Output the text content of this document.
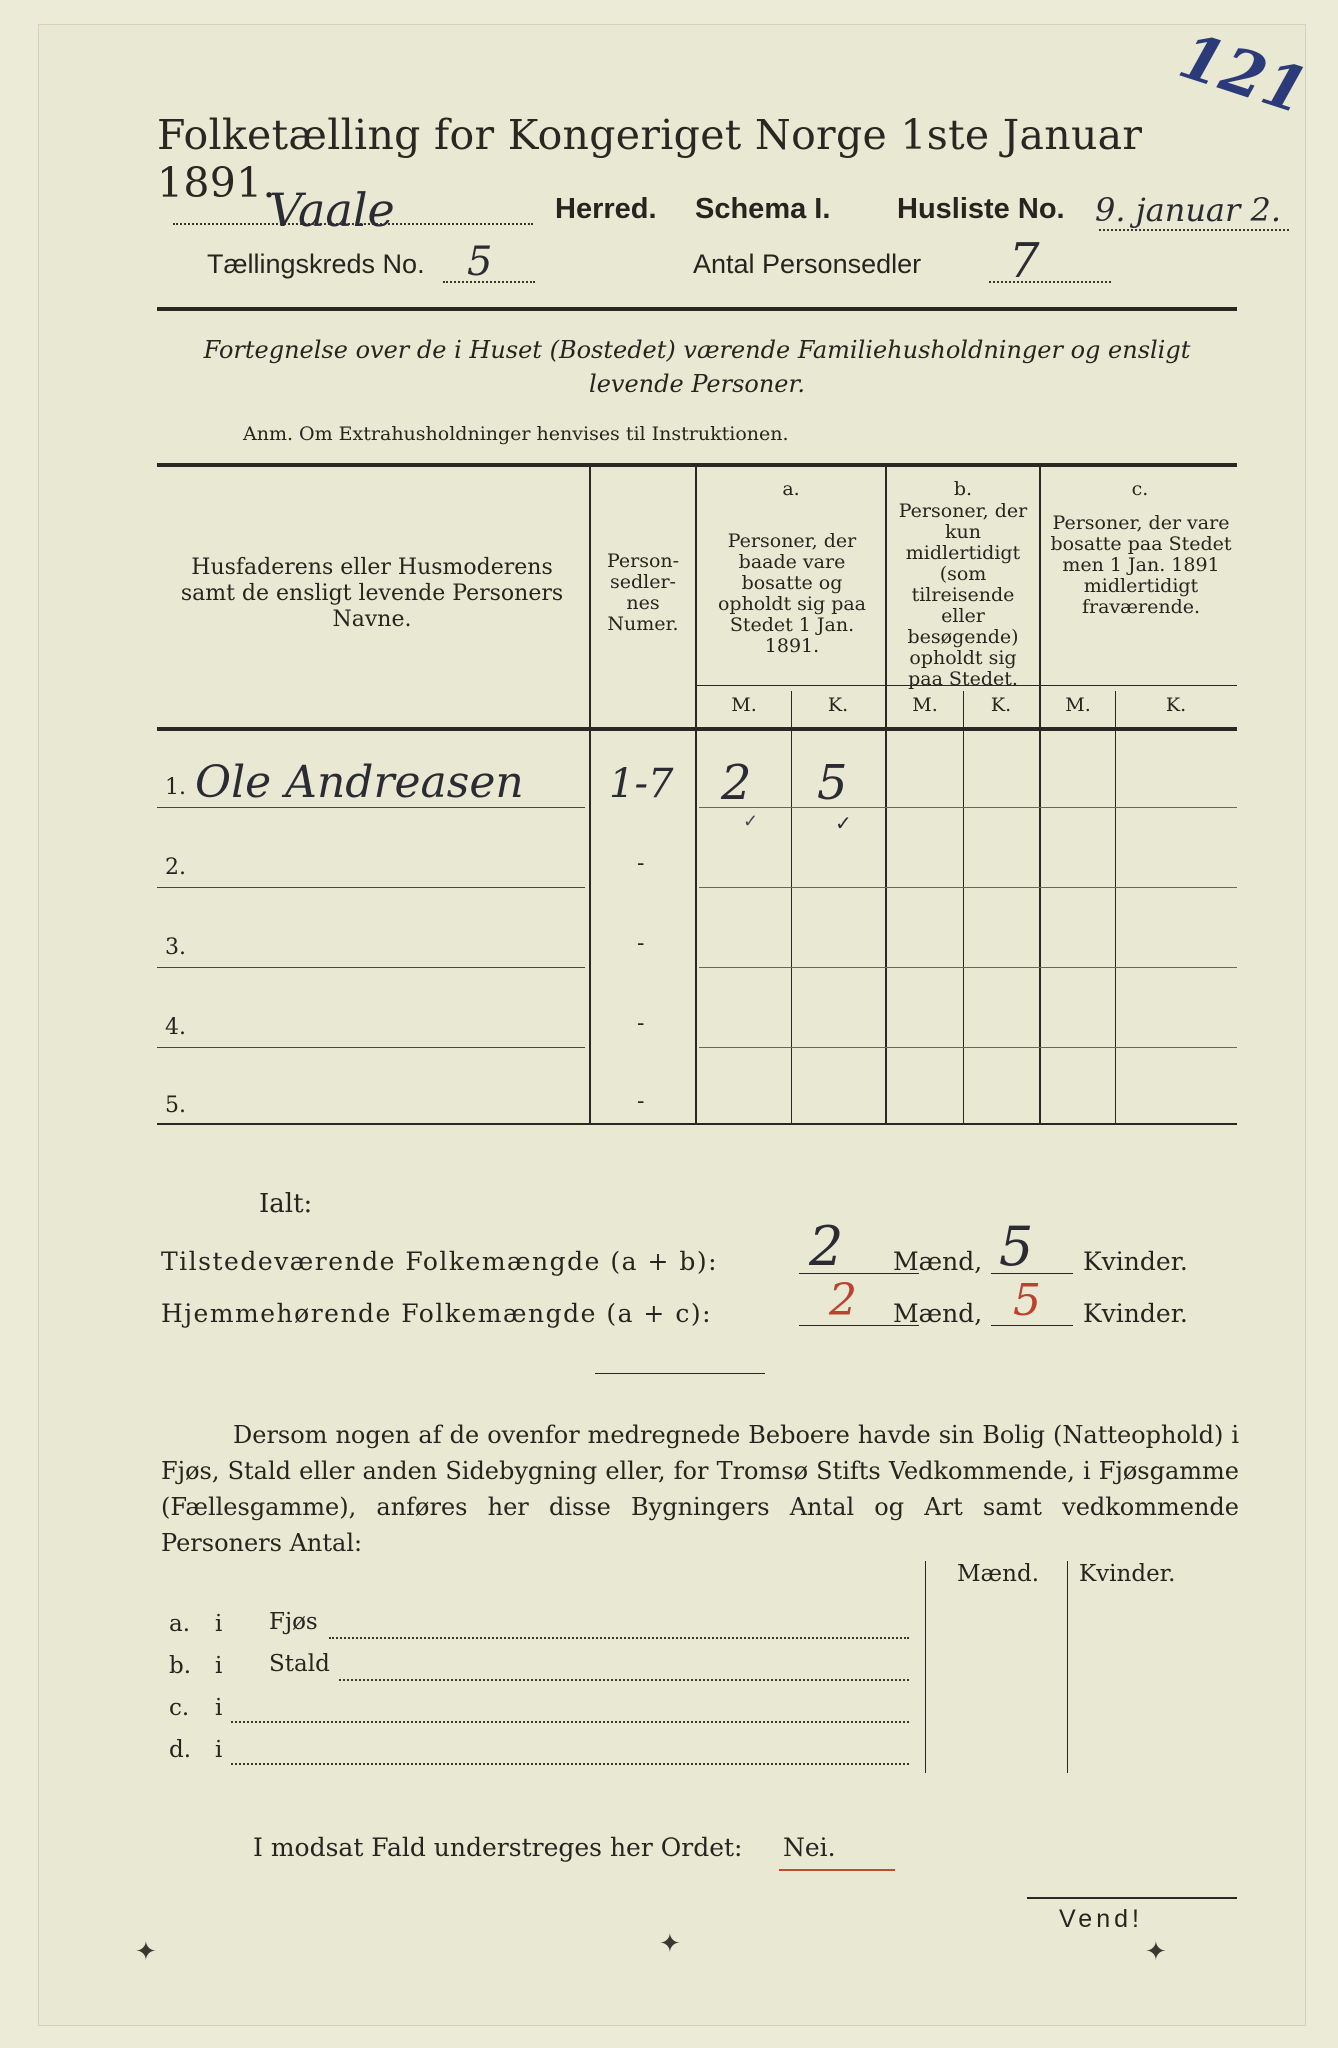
121
Folketælling for Kongeriget Norge 1ste Januar 1891.
Vaale	Herred. Schema I. Husliste No. 9. januar 2.
Tællingskreds No. 5	Antal Personsedler 7
Fortegnelse over de i Huset (Bostedet) værende Familiehusholdninger og ensligt levende Personer.
Anm. Om Extrahusholdninger henvises til Instruktionen.
Husfaderens eller Husmoderens samt de ensligt levende Personers Navne.
Person-sedler-nes Numer.
a.
Personer, der baade vare bosatte og opholdt sig paa Stedet 1 Jan. 1891.
b.
Personer, der kun midlertidigt (som tilreisende eller besøgende) opholdt sig paa Stedet.
c.
Personer, der vare bosatte paa Stedet men 1 Jan. 1891 midlertidigt fraværende.
M.	K.	M.	K.	M.	K.
1. Ole Andreasen 1-7 2 5
✓	✓
2.	-
3.	-
4.	-
5.	-
Ialt:
Tilstedeværende Folkemængde (a + b): 2 Mænd, 5 Kvinder.
Hjemmehørende Folkemængde (a + c):	2 Mænd, 5 Kvinder.
Dersom nogen af de ovenfor medregnede Beboere havde sin Bolig (Natteophold) i Fjøs, Stald eller anden Sidebygning eller, for Tromsø Stifts Vedkommende, i Fjøsgamme (Fællesgamme), anføres her disse Bygningers Antal og Art samt vedkommende Personers Antal:
Mænd. Kvinder.
a. i Fjøs
b. i Stald
c. i
d. i
I modsat Fald understreges her Ordet: Nei.
Vend!
✦	✦	✦
